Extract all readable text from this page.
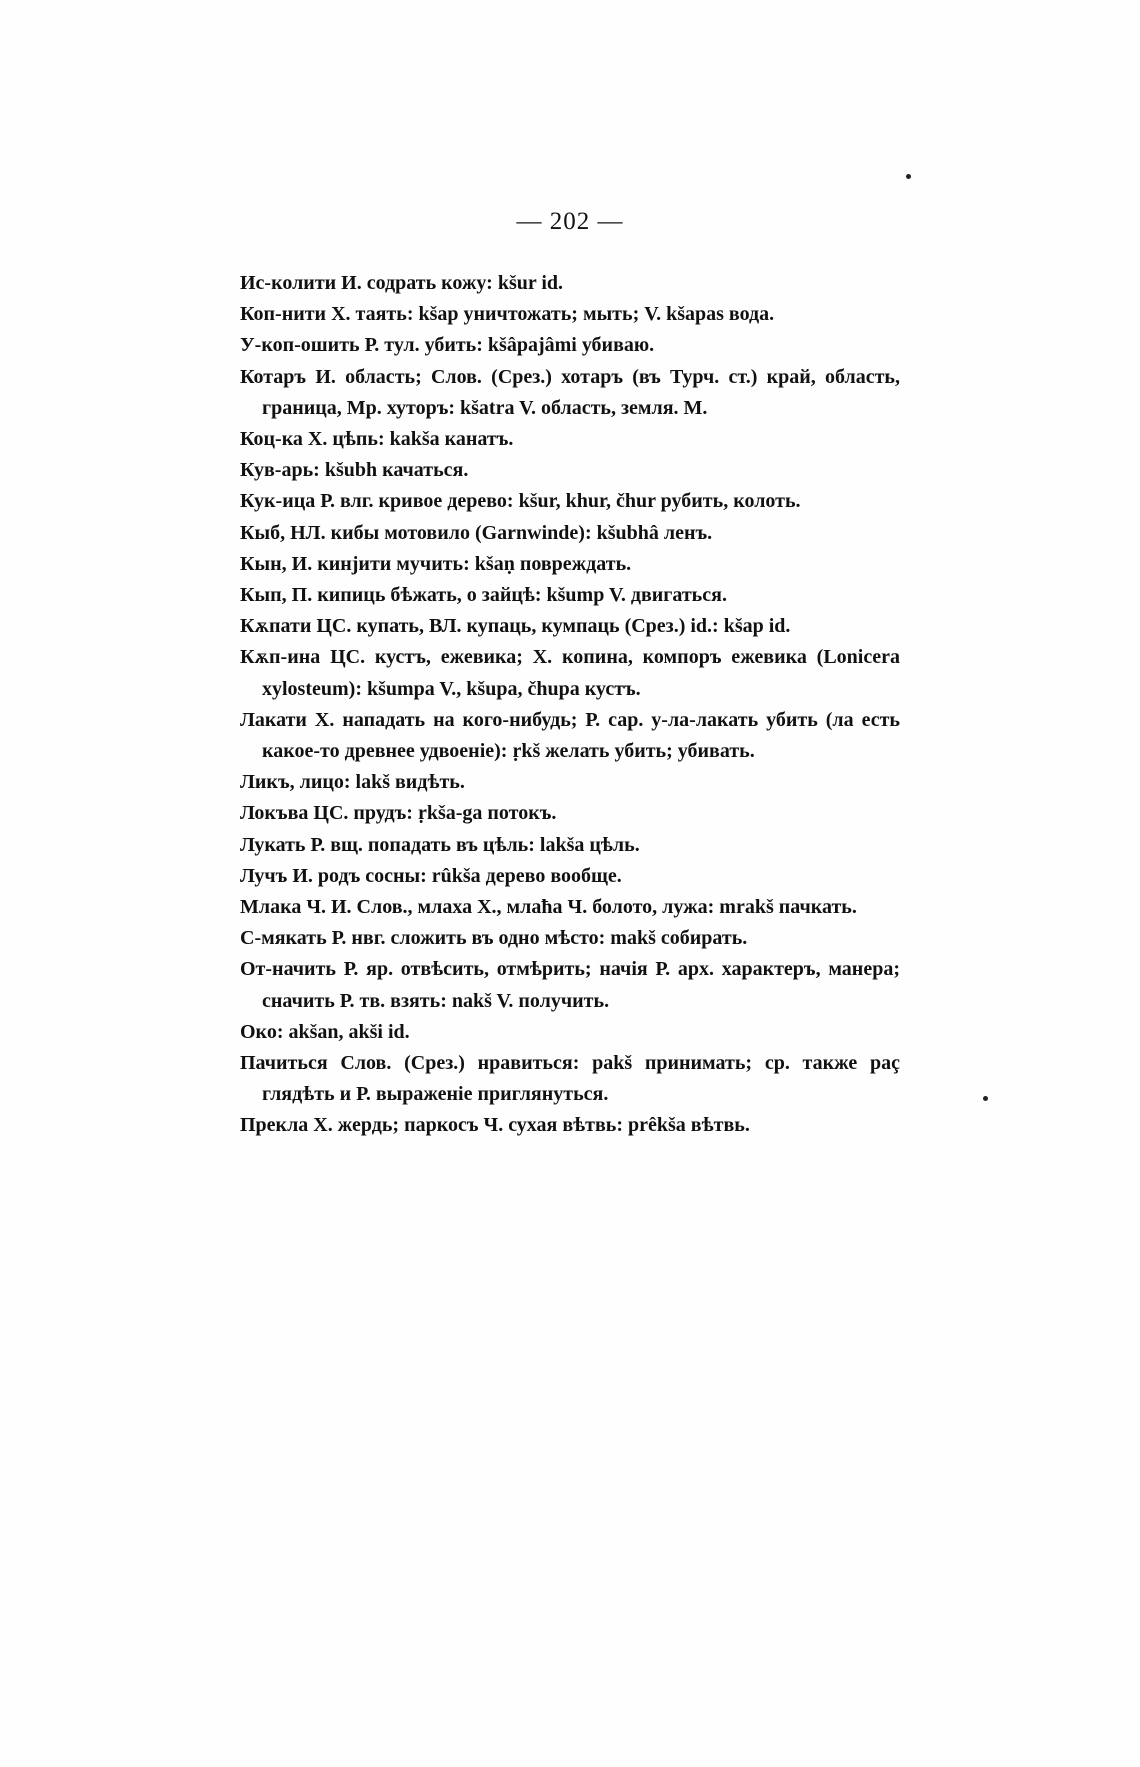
— 202 —

Ис-колити И. содрать кожу: kšur id.

Коп-нити Х. таять: kšap уничтожать; мыть; V. kšapas вода.

У-коп-ошить Р. тул. убить: kšâpajâmi убиваю.

Котаръ И. область; Слов. (Срез.) хотаръ (въ Турч. ст.) край, область, граница, Мр. хуторъ: kšatra V. область, земля. М.

Коц-ка Х. цѣпь: kakša канатъ.

Кув-арь: kšubh качаться.

Кук-ица Р. влг. кривое дерево: kšur, khur, čhur рубить, колоть.

Кыб, НЛ. кибы мотовило (Garnwinde): kšubhâ ленъ.

Кын, И. кинјити мучить: kšaṇ повреждать.

Кып, П. кипиць бѣжать, о зайцѣ: kšump V. двигаться.

Кѫпати ЦС. купать, ВЛ. купаць, кумпаць (Срез.) id.: kšap id.

Кѫп-ина ЦС. кустъ, ежевика; Х. копина, компоръ ежевика (Lonicera xylosteum): kšumpa V., kšupa, čhupa кустъ.

Лакати Х. нападать на кого-нибудь; Р. сар. у-ла-лакать убить (ла есть какое-то древнее удвоеніе): ṛkš желать убить; убивать.

Ликъ, лицо: lakš видѣть.

Локъва ЦС. прудъ: ṛkša-ga потокъ.

Лукать Р. вщ. попадать въ цѣль: lakša цѣль.

Лучъ И. родъ сосны: rûkša дерево вообще.

Млака Ч. И. Слов., млаха Х., млаћа Ч. болото, лужа: mrakš пачкать.

С-мякать Р. нвг. сложить въ одно мѣсто: makš собирать.

От-начить Р. яр. отвѣсить, отмѣрить; начія Р. арх. характеръ, манера; сначить Р. тв. взять: nakš V. получить.

Око: akšan, akši id.

Пачиться Слов. (Срез.) нравиться: pakš принимать; ср. также раç глядѣть и Р. выраженіе приглянуться.

Прекла Х. жердь; паркосъ Ч. сухая вѣтвь: prêkša вѣтвь.
